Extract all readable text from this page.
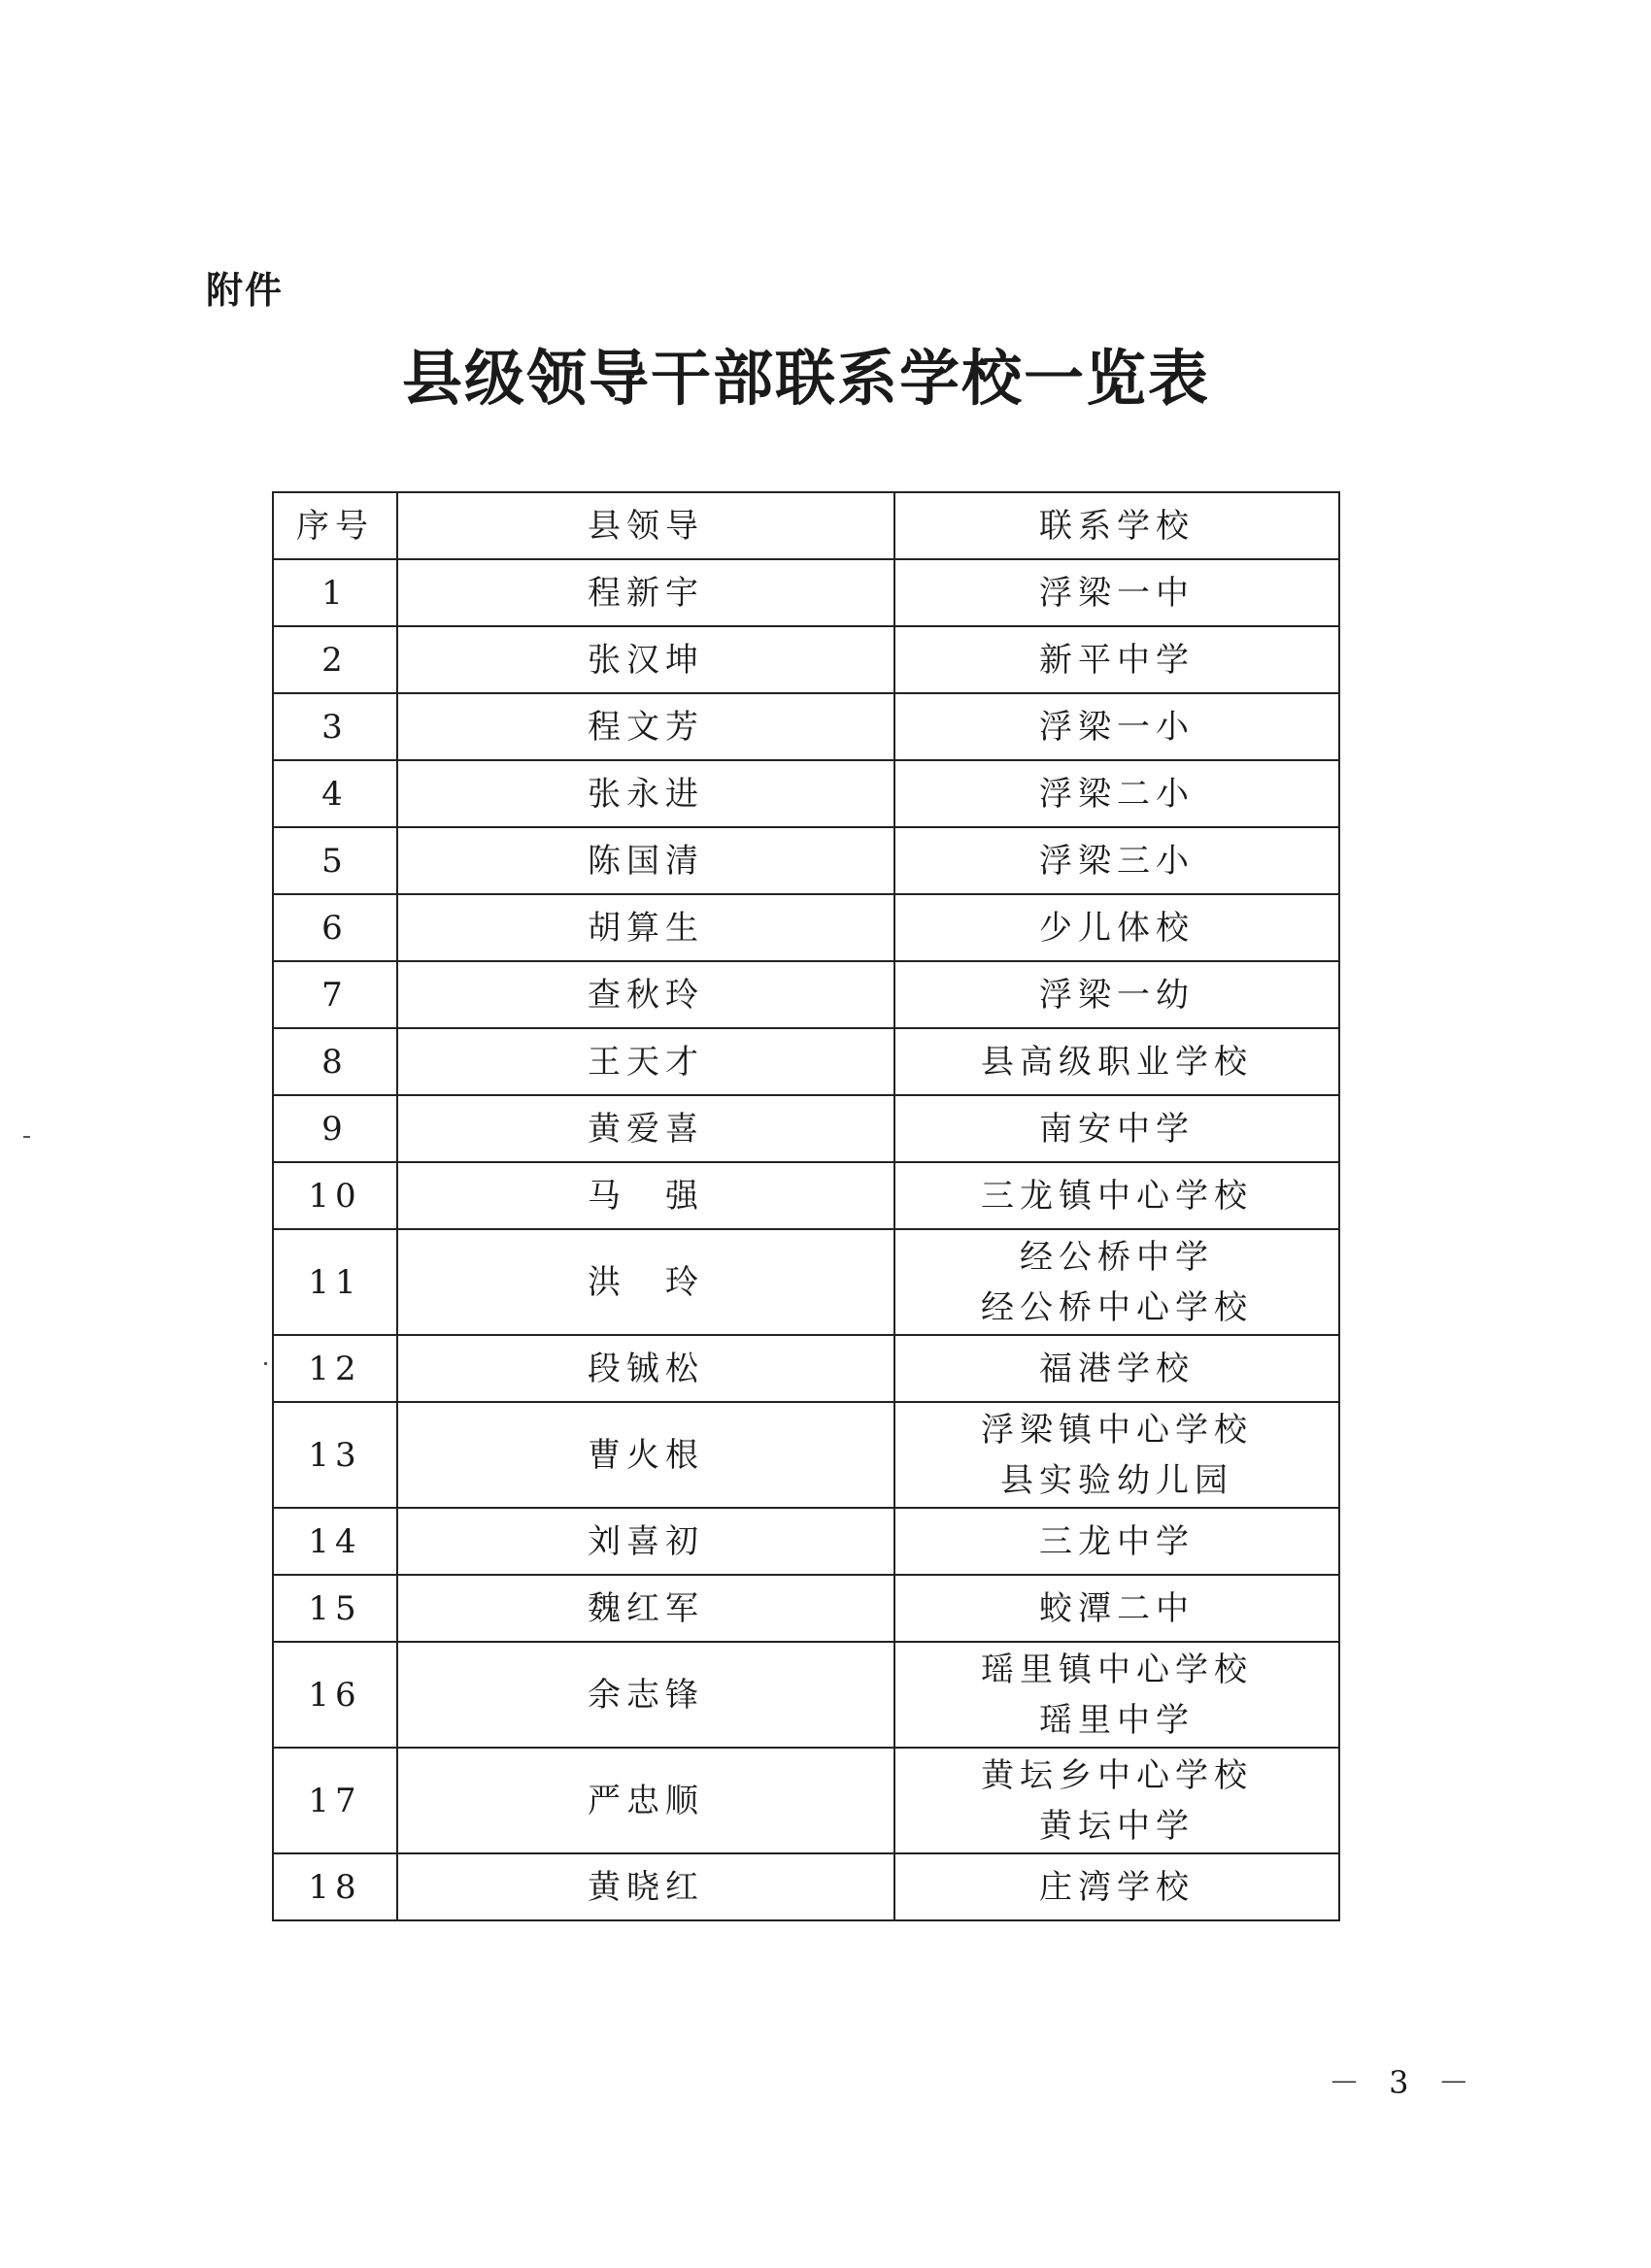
附件
县级领导干部联系学校一览表
序号	县领导	联系学校
1	程新宇	浮梁一中

2	张汉坤	新平中学

3	程文芳	浮梁一小

4	张永进	浮梁二小

5	陈国清	浮梁三小

6	胡算生	少儿体校

7	查秋玲	浮梁一幼

8	王天才	县高级职业学校

9	黄爱喜	南安中学

10	马　强	三龙镇中心学校

11	洪　玲	经公桥中学
经公桥中心学校

12	段铖松	福港学校

13	曹火根	浮梁镇中心学校
县实验幼儿园

14	刘喜初	三龙中学

15	魏红军	蛟潭二中

16	余志锋	瑶里镇中心学校
瑶里中学

17	严忠顺	黄坛乡中心学校
黄坛中学

18	黄晓红	庄湾学校
－ 3 －
